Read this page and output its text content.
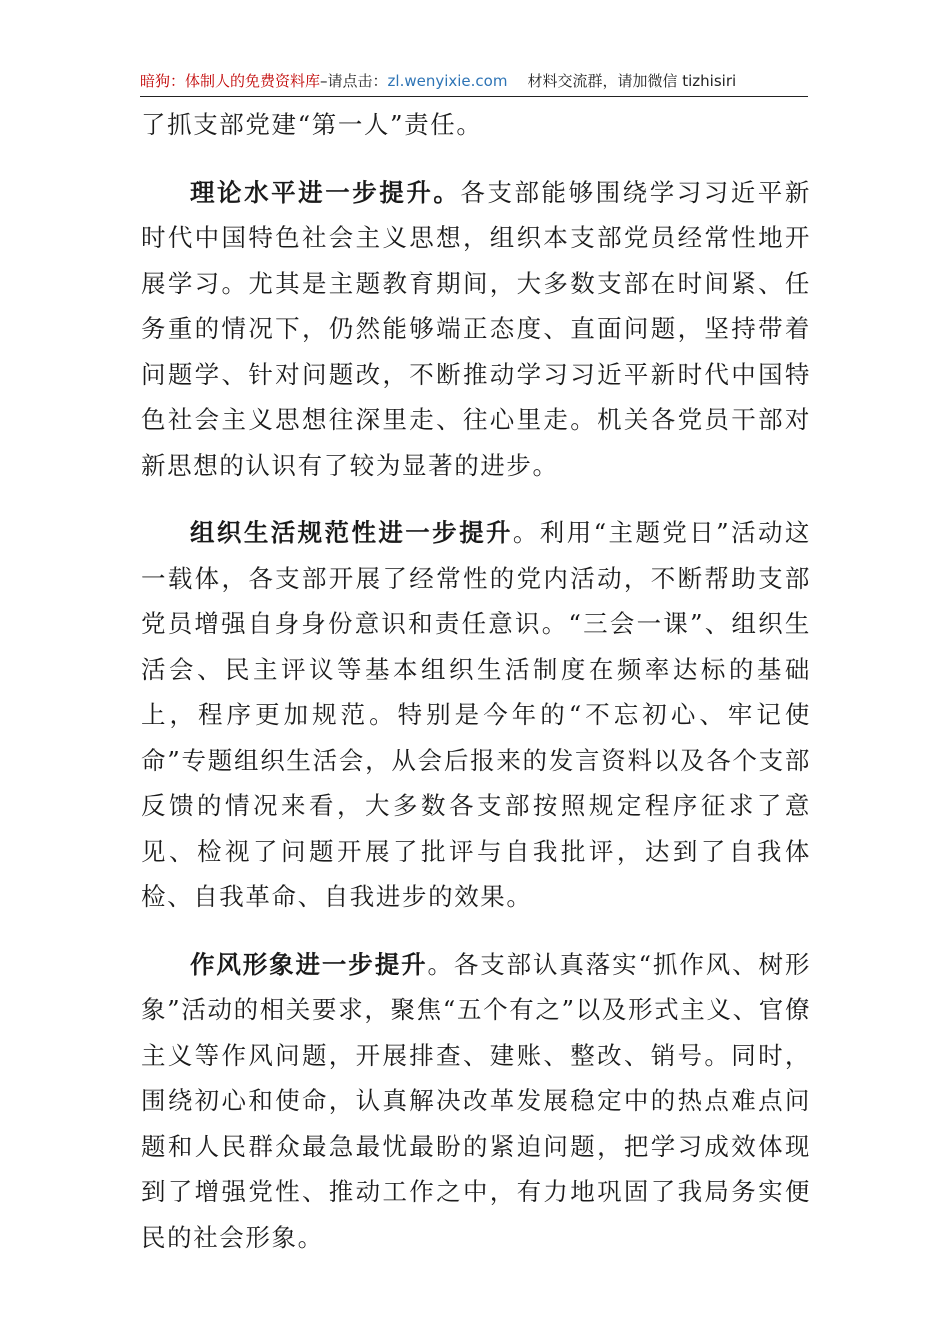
暗狗：体制人的免费资料库–请点击：zl.wenyixie.com 材料交流群，请加微信 tizhisiri

了抓支部党建“第一人”责任。

理论水平进一步提升。各支部能够围绕学习习近平新时代中国特色社会主义思想，组织本支部党员经常性地开展学习。尤其是主题教育期间，大多数支部在时间紧、任务重的情况下，仍然能够端正态度、直面问题，坚持带着问题学、针对问题改，不断推动学习习近平新时代中国特色社会主义思想往深里走、往心里走。机关各党员干部对新思想的认识有了较为显著的进步。

组织生活规范性进一步提升。利用“主题党日”活动这一载体，各支部开展了经常性的党内活动，不断帮助支部党员增强自身身份意识和责任意识。“三会一课”、组织生活会、民主评议等基本组织生活制度在频率达标的基础上，程序更加规范。特别是今年的“不忘初心、牢记使命”专题组织生活会，从会后报来的发言资料以及各个支部反馈的情况来看，大多数各支部按照规定程序征求了意见、检视了问题开展了批评与自我批评，达到了自我体检、自我革命、自我进步的效果。

作风形象进一步提升。各支部认真落实“抓作风、树形象”活动的相关要求，聚焦“五个有之”以及形式主义、官僚主义等作风问题，开展排查、建账、整改、销号。同时，围绕初心和使命，认真解决改革发展稳定中的热点难点问题和人民群众最急最忧最盼的紧迫问题，把学习成效体现到了增强党性、推动工作之中，有力地巩固了我局务实便民的社会形象。
